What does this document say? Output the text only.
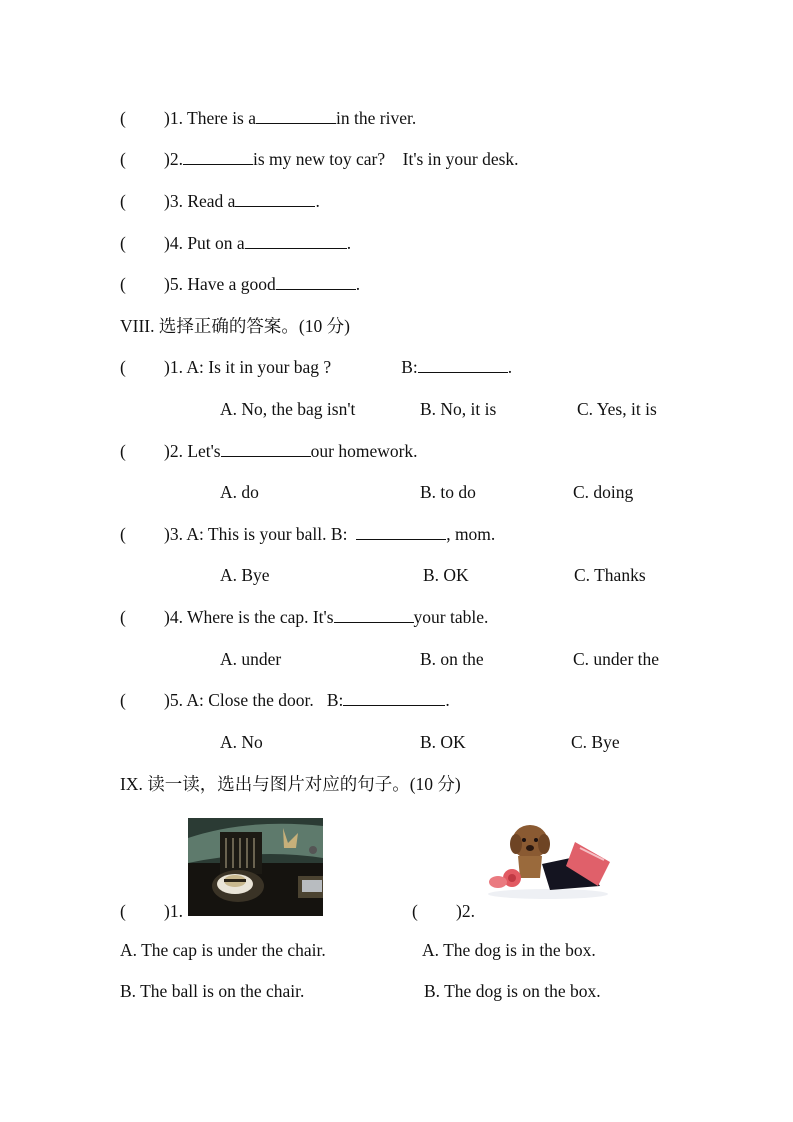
( )1. There is a	in the river.
( )2.	is my new toy car?    It's in your desk.
( )3. Read a	.
( )4. Put on a	.
( )5. Have a good	.
VIII. 选择正确的答案。(10 分)
( )1. A: Is it in your bag ?	B:	.
A. No, the bag isn't	B. No, it is	C. Yes, it is
( )2. Let's	our homework.
A. do	B. to do	C. doing
( )3. A: This is your ball. B:	, mom.
A. Bye	B. OK	C. Thanks
( )4. Where is the cap. It's	your table.
A. under	B. on the	C. under the
( )5. A: Close the door.   B:	.
A. No	B. OK	C. Bye
IX. 读一读，选出与图片对应的句子。(10 分)
( )1.	( )2.
A. The cap is under the chair.
B. The ball is on the chair.
A. The dog is in the box.
B. The dog is on the box.
